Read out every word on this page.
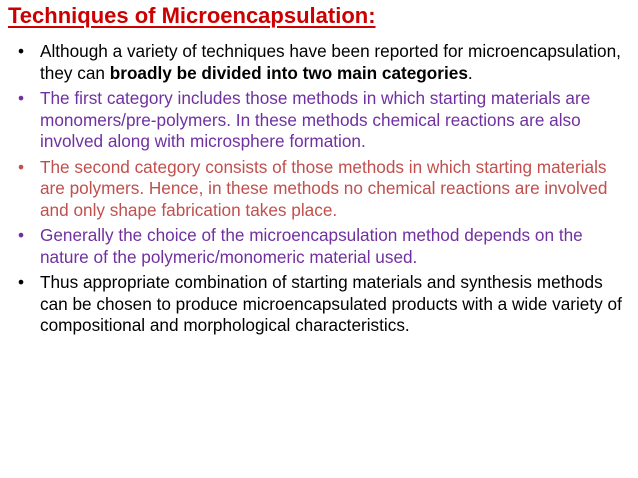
Techniques of Microencapsulation:
• Although a variety of techniques have been reported for microencapsulation, they can broadly be divided into two main categories.
• The first category includes those methods in which starting materials are monomers/pre-polymers. In these methods chemical reactions are also involved along with microsphere formation.
• The second category consists of those methods in which starting materials are polymers. Hence, in these methods no chemical reactions are involved and only shape fabrication takes place.
• Generally the choice of the microencapsulation method depends on the nature of the polymeric/monomeric material used.
• Thus appropriate combination of starting materials and synthesis methods can be chosen to produce microencapsulated products with a wide variety of compositional and morphological characteristics.
